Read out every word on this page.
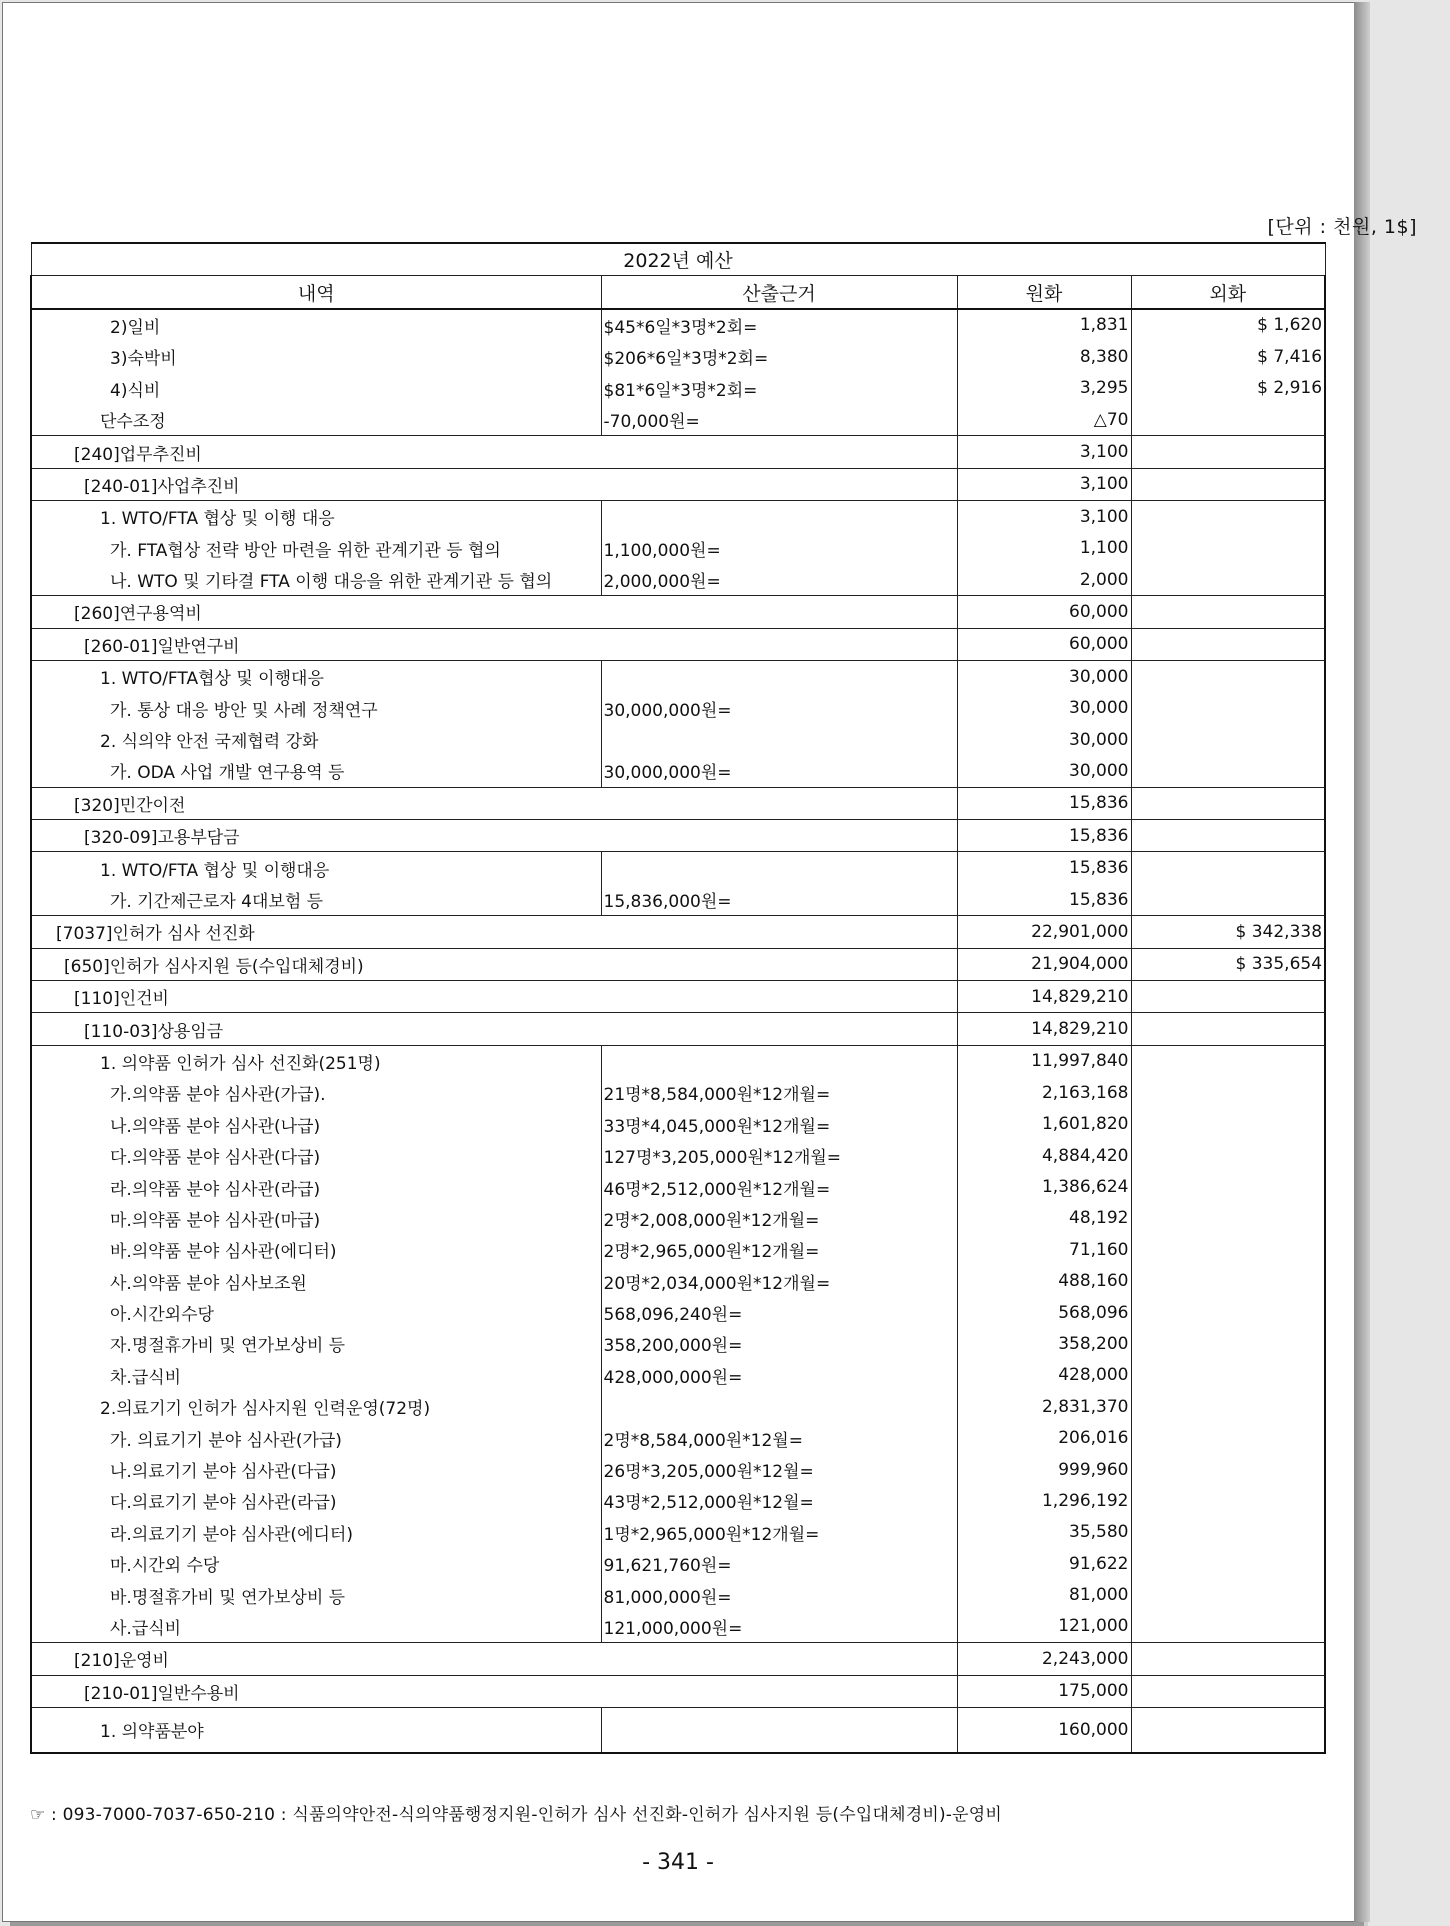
[단위 : 천원, 1$]
2022년 예산			
내역	산출근거	원화	외화
2)일비	$45*6일*3명*2회=	1,831	$ 1,620
3)숙박비	$206*6일*3명*2회=	8,380	$ 7,416
4)식비	$81*6일*3명*2회=	3,295	$ 2,916
단수조정	-70,000원=	△70	
[240]업무추진비		3,100	
[240-01]사업추진비		3,100	
1. WTO/FTA 협상 및 이행 대응		3,100	
가. FTA협상 전략 방안 마련을 위한 관계기관 등 협의	1,100,000원=	1,100	
나. WTO 및 기타결 FTA 이행 대응을 위한 관계기관 등 협의	2,000,000원=	2,000	
[260]연구용역비		60,000	
[260-01]일반연구비		60,000	
1. WTO/FTA협상 및 이행대응		30,000	
가. 통상 대응 방안 및 사례 정책연구	30,000,000원=	30,000	
2. 식의약 안전 국제협력 강화		30,000	
가. ODA 사업 개발 연구용역 등	30,000,000원=	30,000	
[320]민간이전		15,836	
[320-09]고용부담금		15,836	
1. WTO/FTA 협상 및 이행대응		15,836	
가. 기간제근로자 4대보험 등	15,836,000원=	15,836	
[7037]인허가 심사 선진화		22,901,000	$ 342,338
[650]인허가 심사지원 등(수입대체경비)		21,904,000	$ 335,654
[110]인건비		14,829,210	
[110-03]상용임금		14,829,210	
1. 의약품 인허가 심사 선진화(251명)		11,997,840	
가.의약품 분야 심사관(가급).	21명*8,584,000원*12개월=	2,163,168	
나.의약품 분야 심사관(나급)	33명*4,045,000원*12개월=	1,601,820	
다.의약품 분야 심사관(다급)	127명*3,205,000원*12개월=	4,884,420	
라.의약품 분야 심사관(라급)	46명*2,512,000원*12개월=	1,386,624	
마.의약품 분야 심사관(마급)	2명*2,008,000원*12개월=	48,192	
바.의약품 분야 심사관(에디터)	2명*2,965,000원*12개월=	71,160	
사.의약품 분야 심사보조원	20명*2,034,000원*12개월=	488,160	
아.시간외수당	568,096,240원=	568,096	
자.명절휴가비 및 연가보상비 등	358,200,000원=	358,200	
차.급식비	428,000,000원=	428,000	
2.의료기기 인허가 심사지원 인력운영(72명)		2,831,370	
가. 의료기기 분야 심사관(가급)	2명*8,584,000원*12월=	206,016	
나.의료기기 분야 심사관(다급)	26명*3,205,000원*12월=	999,960	
다.의료기기 분야 심사관(라급)	43명*2,512,000원*12월=	1,296,192	
라.의료기기 분야 심사관(에디터)	1명*2,965,000원*12개월=	35,580	
마.시간외 수당	91,621,760원=	91,622	
바.명절휴가비 및 연가보상비 등	81,000,000원=	81,000	
사.급식비	121,000,000원=	121,000	
[210]운영비		2,243,000	
[210-01]일반수용비		175,000	
1. 의약품분야		160,000	
☞ : 093-7000-7037-650-210 : 식품의약안전-식의약품행정지원-인허가 심사 선진화-인허가 심사지원 등(수입대체경비)-운영비
- 341 -
